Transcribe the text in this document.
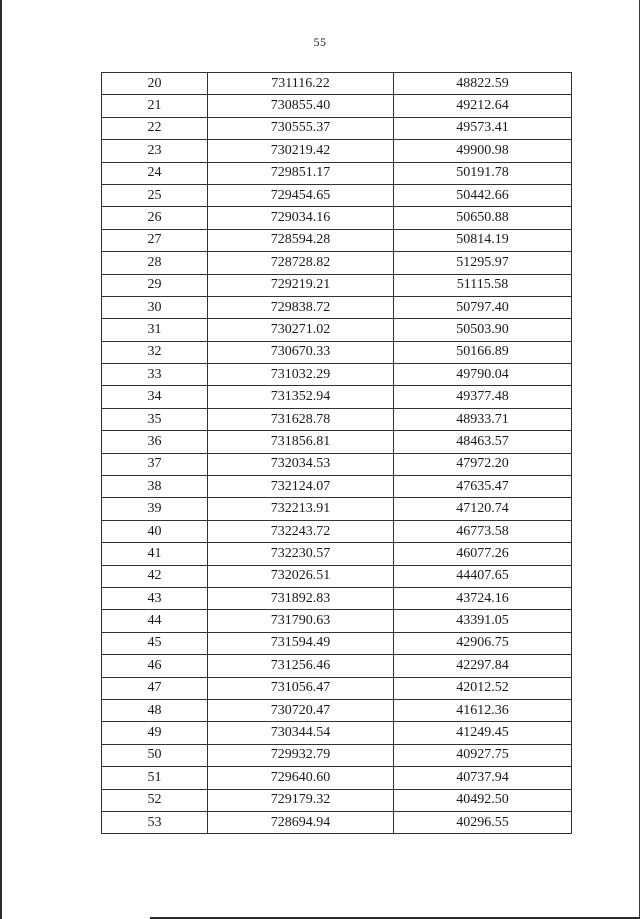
55
20	731116.22	48822.59
21	730855.40	49212.64
22	730555.37	49573.41
23	730219.42	49900.98
24	729851.17	50191.78
25	729454.65	50442.66
26	729034.16	50650.88
27	728594.28	50814.19
28	728728.82	51295.97
29	729219.21	51115.58
30	729838.72	50797.40
31	730271.02	50503.90
32	730670.33	50166.89
33	731032.29	49790.04
34	731352.94	49377.48
35	731628.78	48933.71
36	731856.81	48463.57
37	732034.53	47972.20
38	732124.07	47635.47
39	732213.91	47120.74
40	732243.72	46773.58
41	732230.57	46077.26
42	732026.51	44407.65
43	731892.83	43724.16
44	731790.63	43391.05
45	731594.49	42906.75
46	731256.46	42297.84
47	731056.47	42012.52
48	730720.47	41612.36
49	730344.54	41249.45
50	729932.79	40927.75
51	729640.60	40737.94
52	729179.32	40492.50
53	728694.94	40296.55
